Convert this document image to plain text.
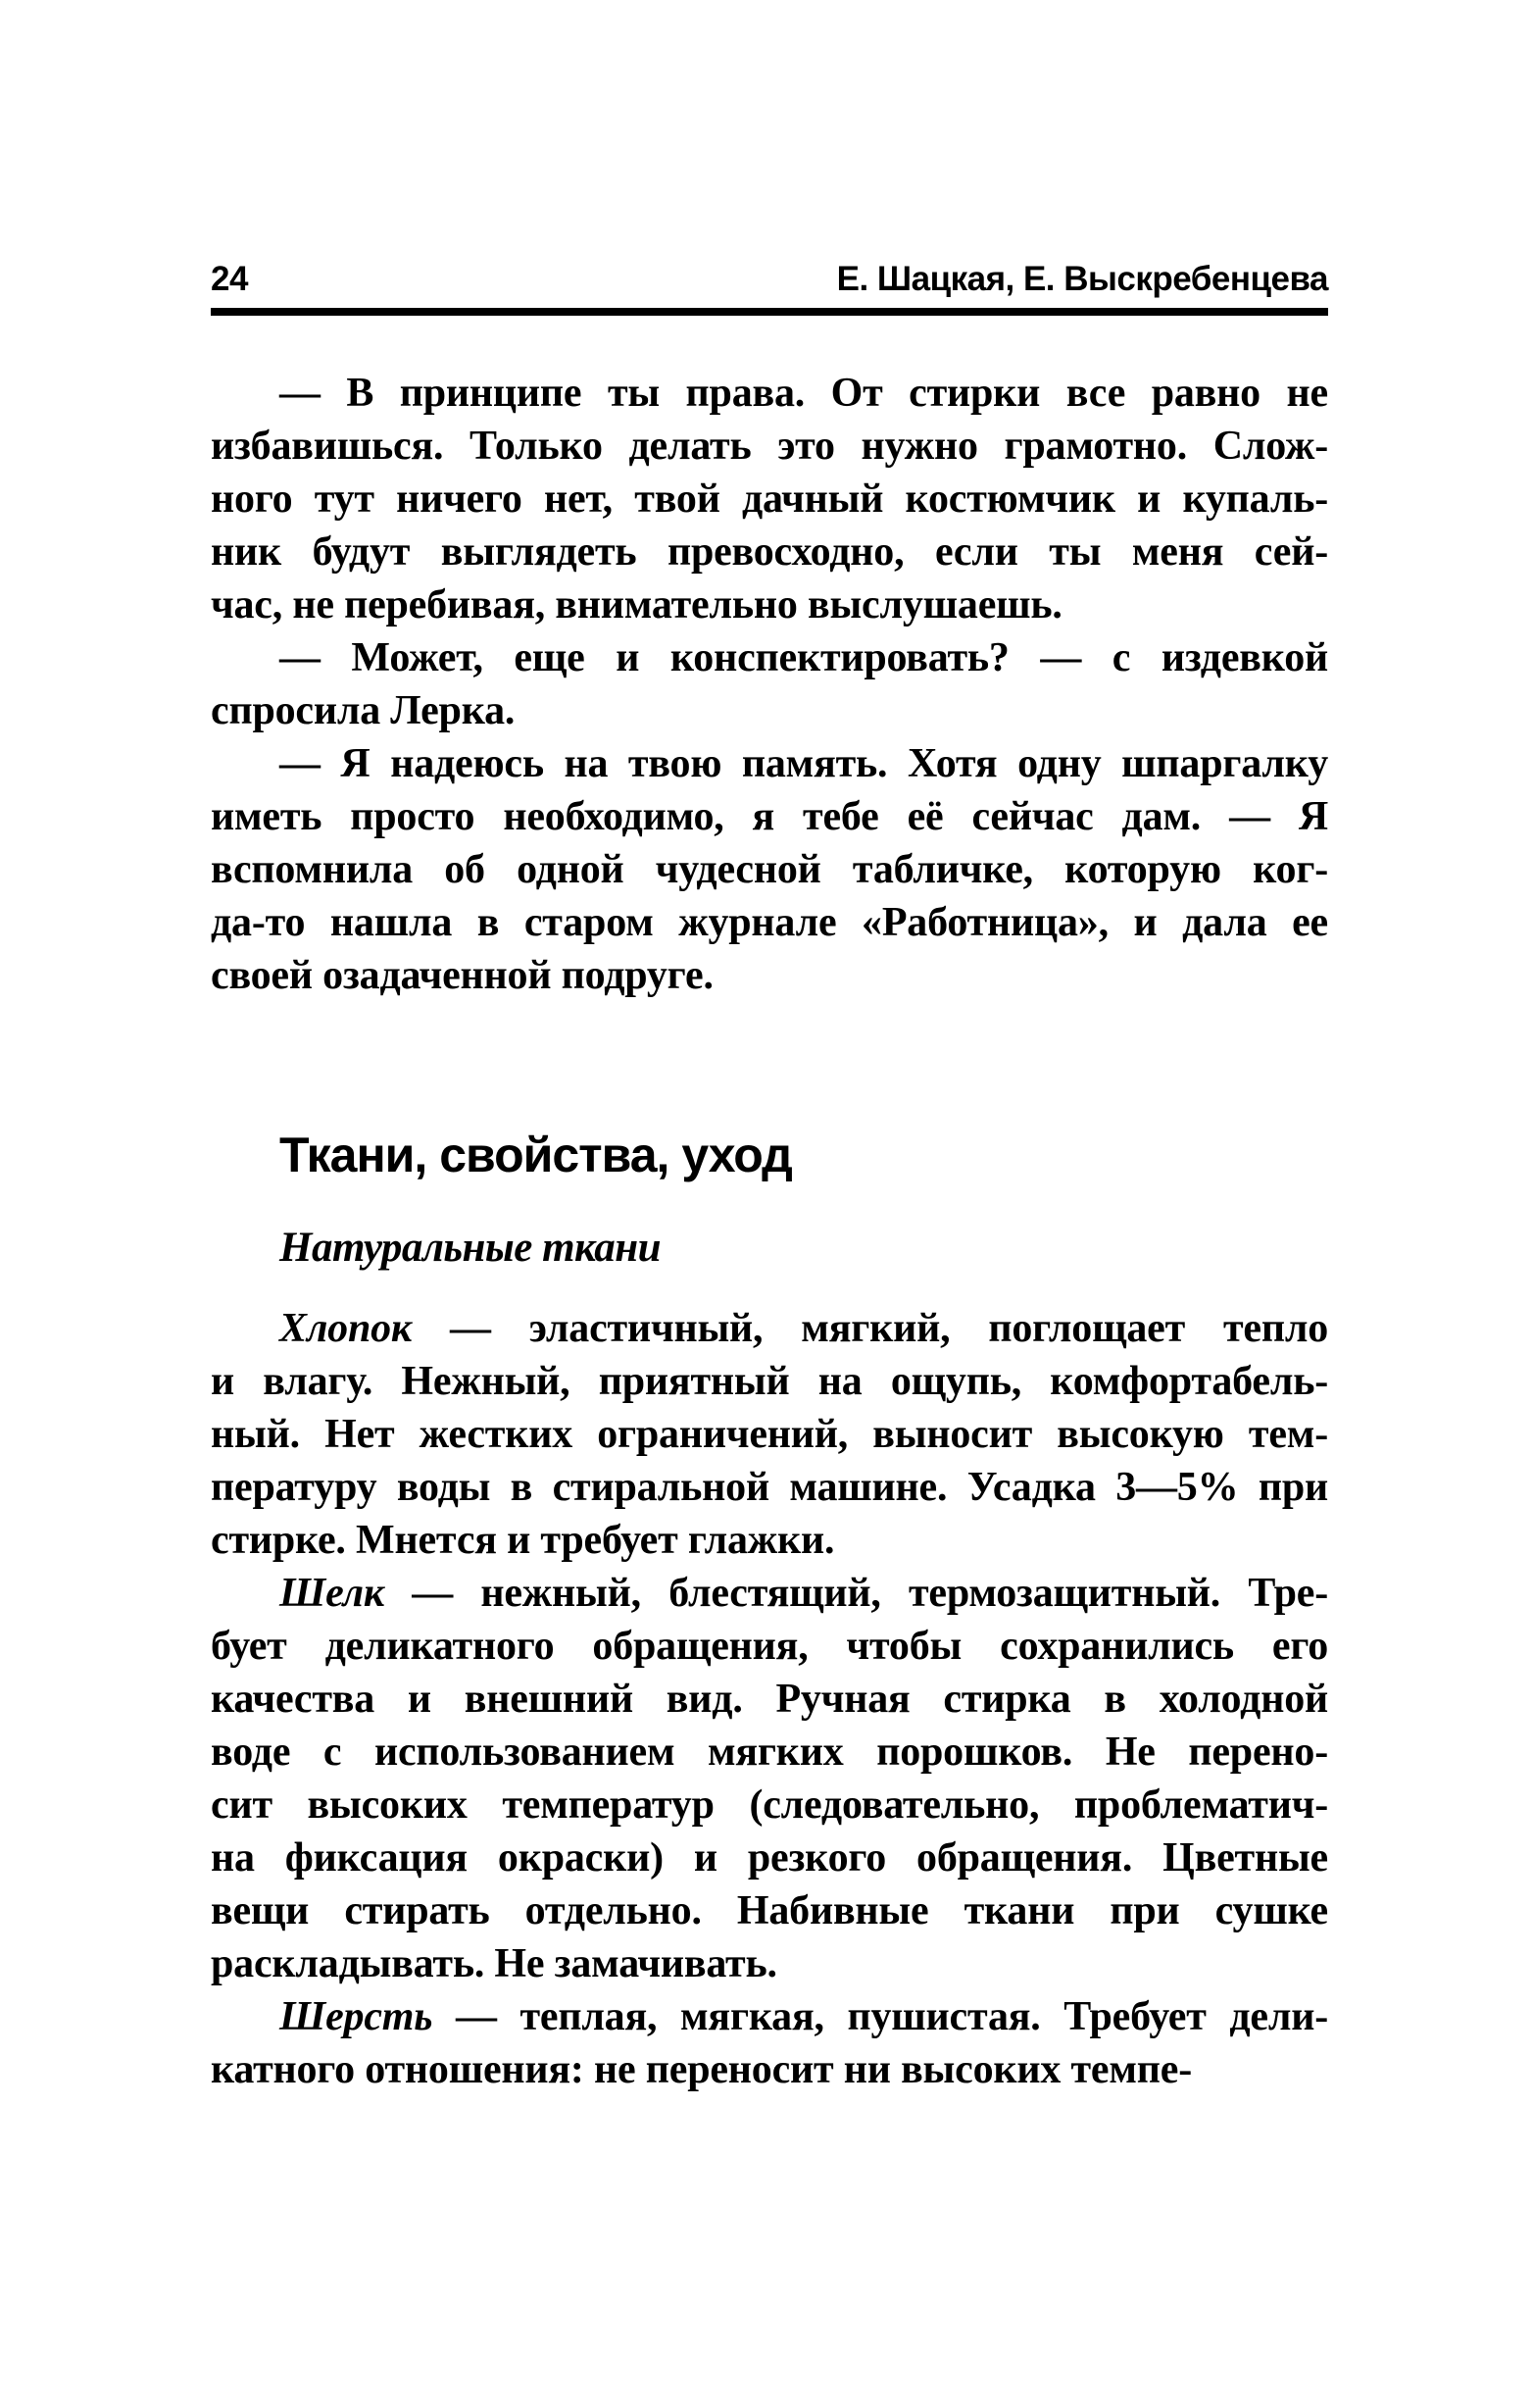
24	Е. Шацкая, Е. Выскребенцева
— В принципе ты права. От стирки все равно не
избавишься. Только делать это нужно грамотно. Слож-
ного тут ничего нет, твой дачный костюмчик и купаль-
ник будут выглядеть превосходно, если ты меня сей-
час, не перебивая, внимательно выслушаешь.
— Может, еще и конспектировать? — с издевкой
спросила Лерка.
— Я надеюсь на твою память. Хотя одну шпаргалку
иметь просто необходимо, я тебе её сейчас дам. — Я
вспомнила об одной чудесной табличке, которую ког-
да-то нашла в старом журнале «Работница», и дала ее
своей озадаченной подруге.
Ткани, свойства, уход
Натуральные ткани
Хлопок — эластичный, мягкий, поглощает тепло
и влагу. Нежный, приятный на ощупь, комфортабель-
ный. Нет жестких ограничений, выносит высокую тем-
пературу воды в стиральной машине. Усадка 3—5% при
стирке. Мнется и требует глажки.
Шелк — нежный, блестящий, термозащитный. Тре-
бует деликатного обращения, чтобы сохранились его
качества и внешний вид. Ручная стирка в холодной
воде с использованием мягких порошков. Не перено-
сит высоких температур (следовательно, проблематич-
на фиксация окраски) и резкого обращения. Цветные
вещи стирать отдельно. Набивные ткани при сушке
раскладывать. Не замачивать.
Шерсть — теплая, мягкая, пушистая. Требует дели-
катного отношения: не переносит ни высоких темпе-
